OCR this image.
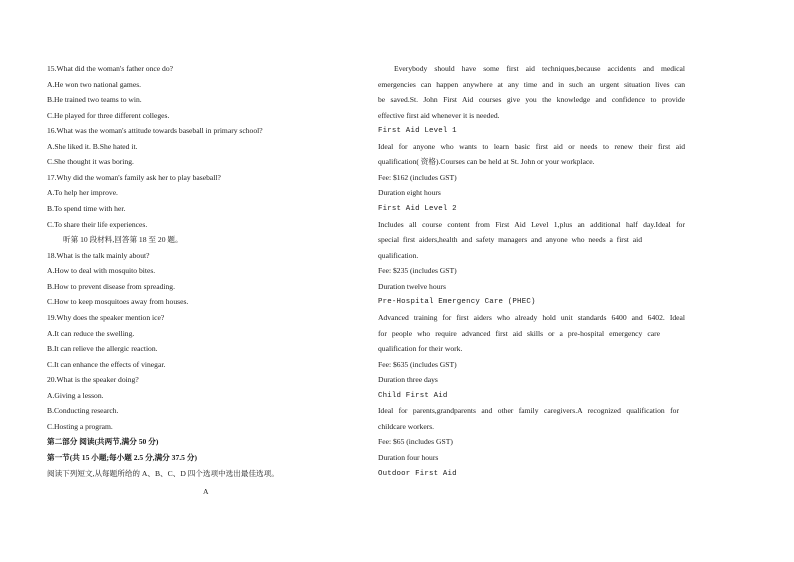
15.What did the woman's father once do?
A.He won two national games.
B.He trained two teams to win.
C.He played for three different colleges.
16.What was the woman's attitude towards baseball in primary school?
A.She liked it. B.She hated it.
C.She thought it was boring.
17.Why did the woman's family ask her to play baseball?
A.To help her improve.
B.To spend time with her.
C.To share their life experiences.
听第 10 段材料,回答第 18 至 20 题。
18.What is the talk mainly about?
A.How to deal with mosquito bites.
B.How to prevent disease from spreading.
C.How to keep mosquitoes away from houses.
19.Why does the speaker mention ice?
A.It can reduce the swelling.
B.It can relieve the allergic reaction.
C.It can enhance the effects of vinegar.
20.What is the speaker doing?
A.Giving a lesson.
B.Conducting research.
C.Hosting a program.
第二部分 阅读(共两节,满分 50 分)
第一节(共 15 小题;每小题 2.5 分,满分 37.5 分)
阅读下列短文,从每题所给的 A、B、C、D 四个选项中选出最佳选项。
A
Everybody should have some first aid techniques,because accidents and medical
emergencies can happen anywhere at any time and in such an urgent situation lives can
be saved.St. John First Aid courses give you the knowledge and confidence to provide
effective first aid whenever it is needed.
First Aid Level 1
Ideal for anyone who wants to learn basic first aid or needs to renew their first aid
qualification( 资格).Courses can be held at St. John or your workplace.
Fee: $162 (includes GST)
Duration eight hours
First Aid Level 2
Includes all course content from First Aid Level 1,plus an additional half day.Ideal for
special first aiders,health and safety managers and anyone who needs a first aid
qualification.
Fee: $235 (includes GST)
Duration twelve hours
Pre-Hospital Emergency Care (PHEC)
Advanced training for first aiders who already hold unit standards 6400 and 6402. Ideal
for people who require advanced first aid skills or a pre-hospital emergency care
qualification for their work.
Fee: $635 (includes GST)
Duration three days
Child First Aid
Ideal for parents,grandparents and other family caregivers.A recognized qualification for
childcare workers.
Fee: $65 (includes GST)
Duration four hours
Outdoor First Aid
